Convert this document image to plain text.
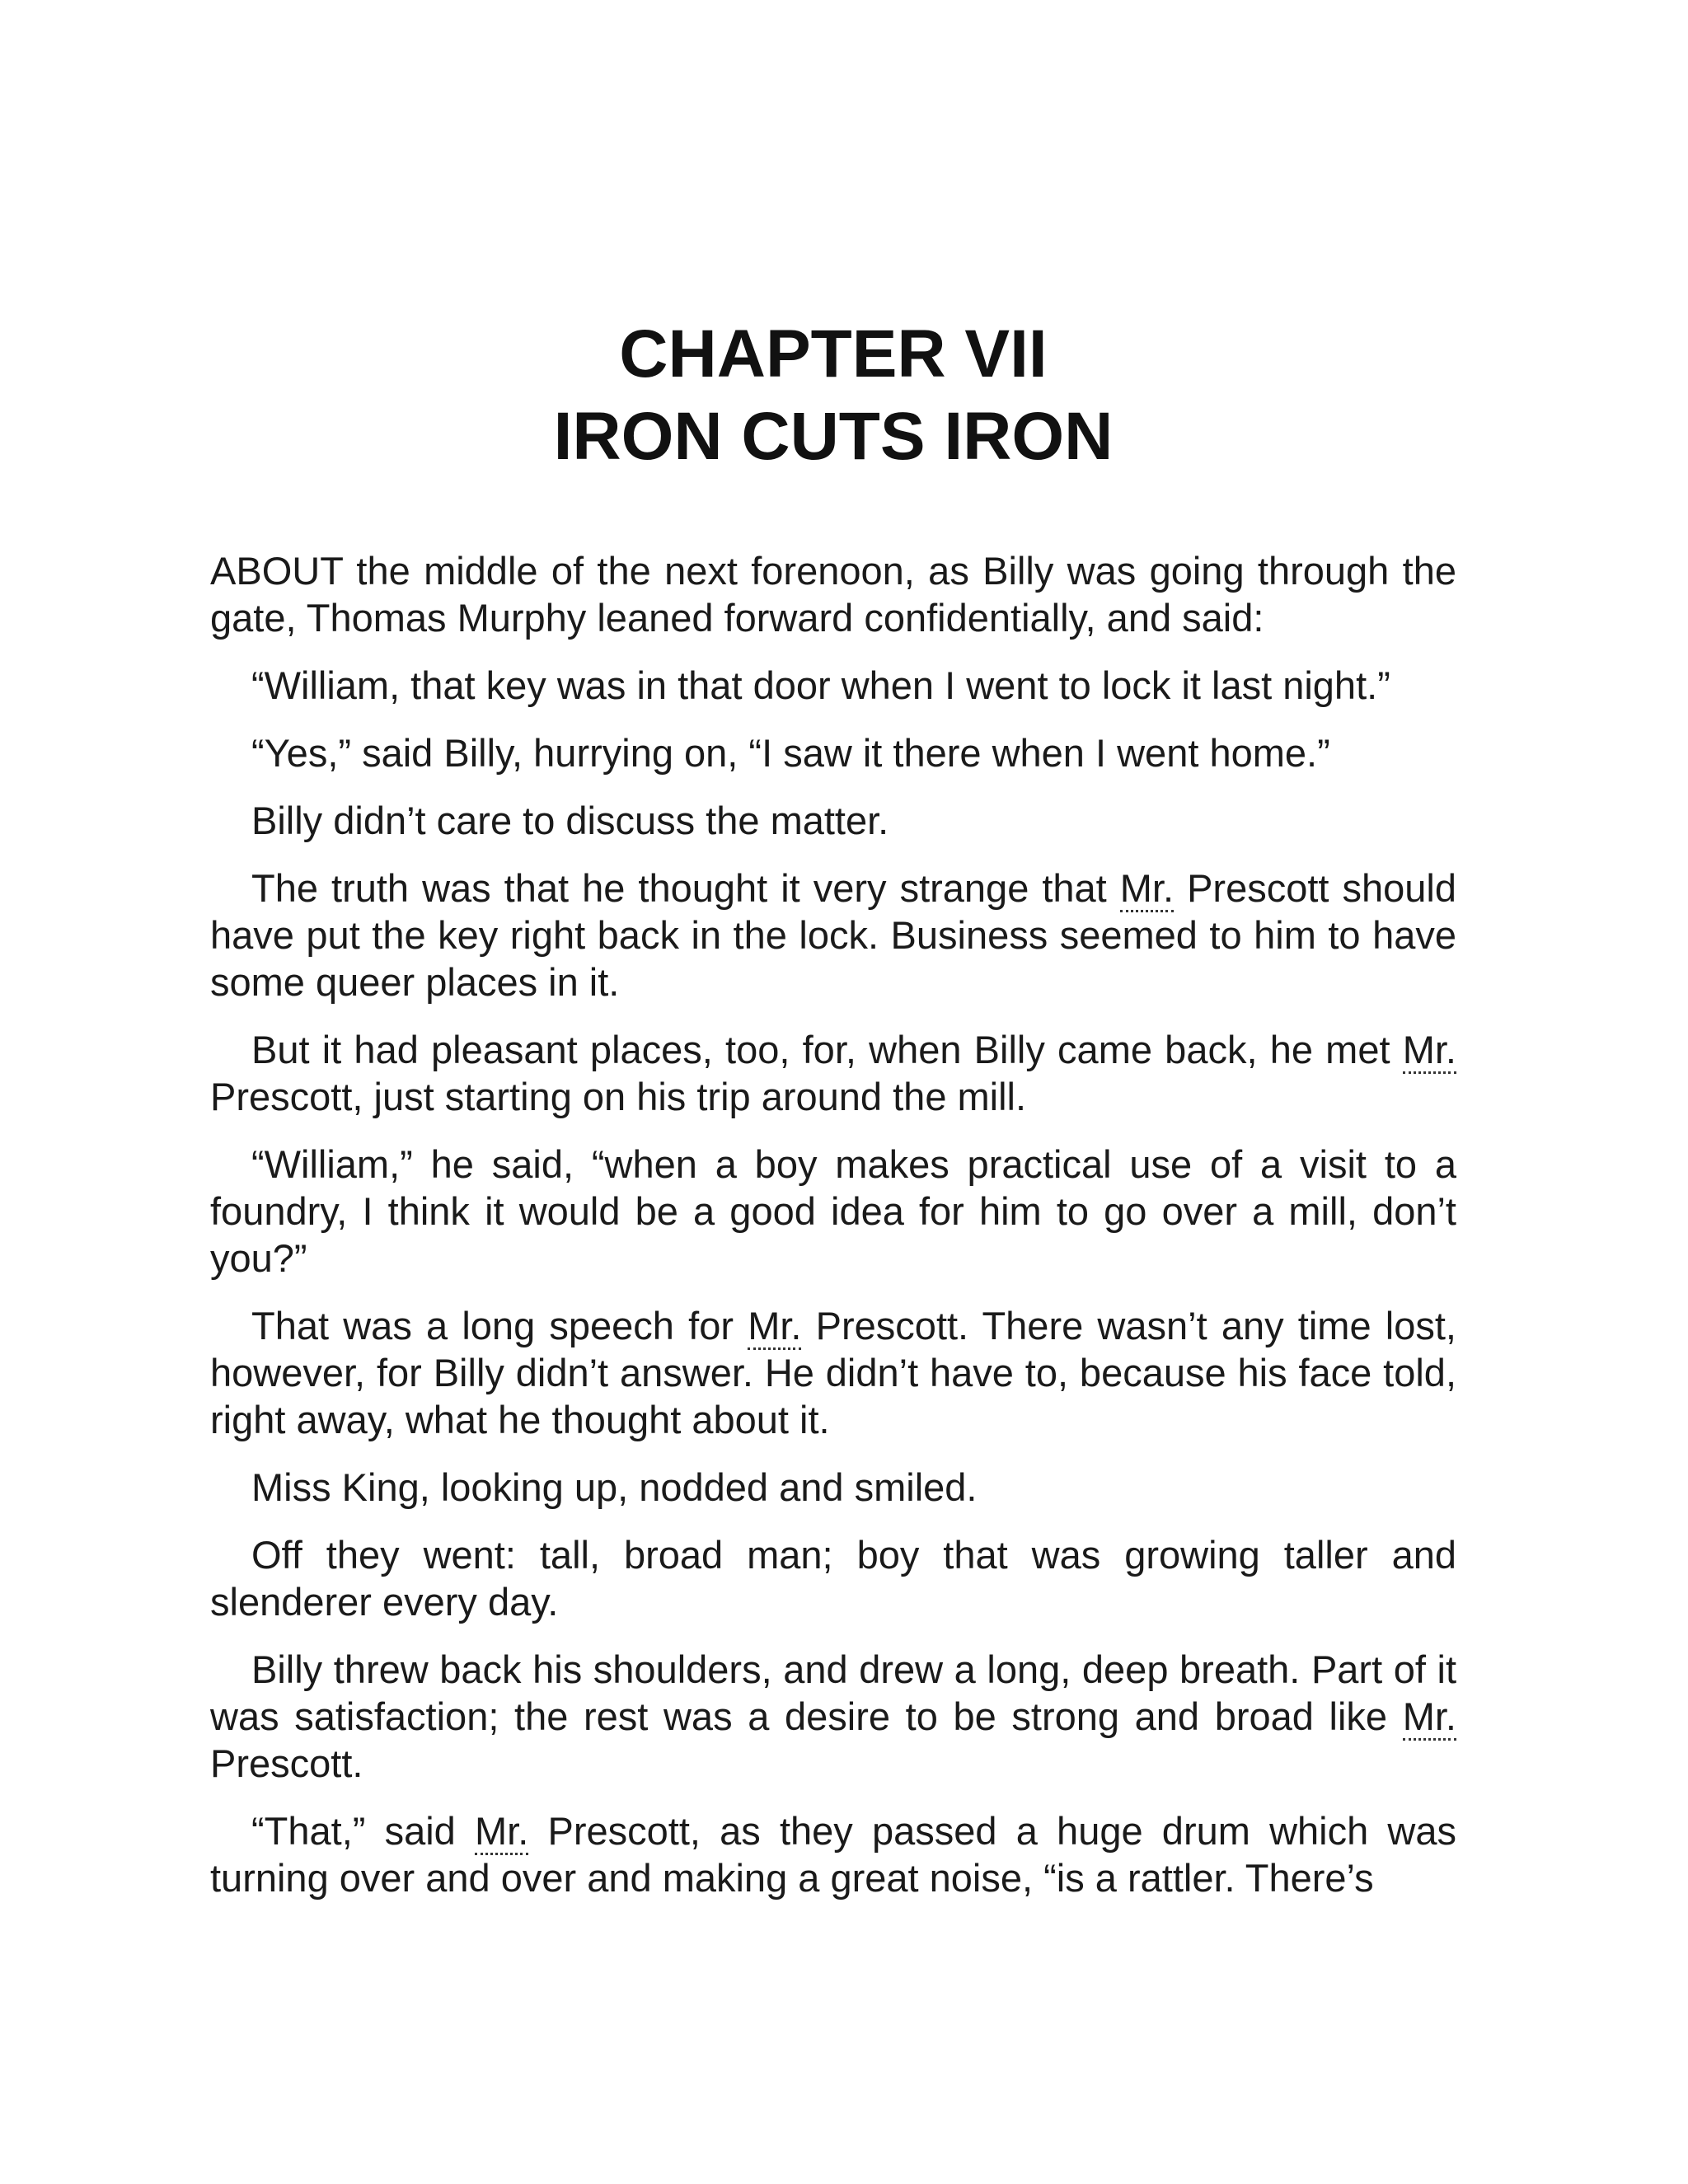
CHAPTER VII
IRON CUTS IRON

ABOUT the middle of the next forenoon, as Billy was going through the gate, Thomas Murphy leaned forward confidentially, and said:

“William, that key was in that door when I went to lock it last night.”

“Yes,” said Billy, hurrying on, “I saw it there when I went home.”

Billy didn’t care to discuss the matter.

The truth was that he thought it very strange that Mr. Prescott should have put the key right back in the lock. Business seemed to him to have some queer places in it.

But it had pleasant places, too, for, when Billy came back, he met Mr. Prescott, just starting on his trip around the mill.

“William,” he said, “when a boy makes practical use of a visit to a foundry, I think it would be a good idea for him to go over a mill, don’t you?”

That was a long speech for Mr. Prescott. There wasn’t any time lost, however, for Billy didn’t answer. He didn’t have to, because his face told, right away, what he thought about it.

Miss King, looking up, nodded and smiled.

Off they went: tall, broad man; boy that was growing taller and slenderer every day.

Billy threw back his shoulders, and drew a long, deep breath. Part of it was satisfaction; the rest was a desire to be strong and broad like Mr. Prescott.

“That,” said Mr. Prescott, as they passed a huge drum which was turning over and over and making a great noise, “is a rattler. There’s
